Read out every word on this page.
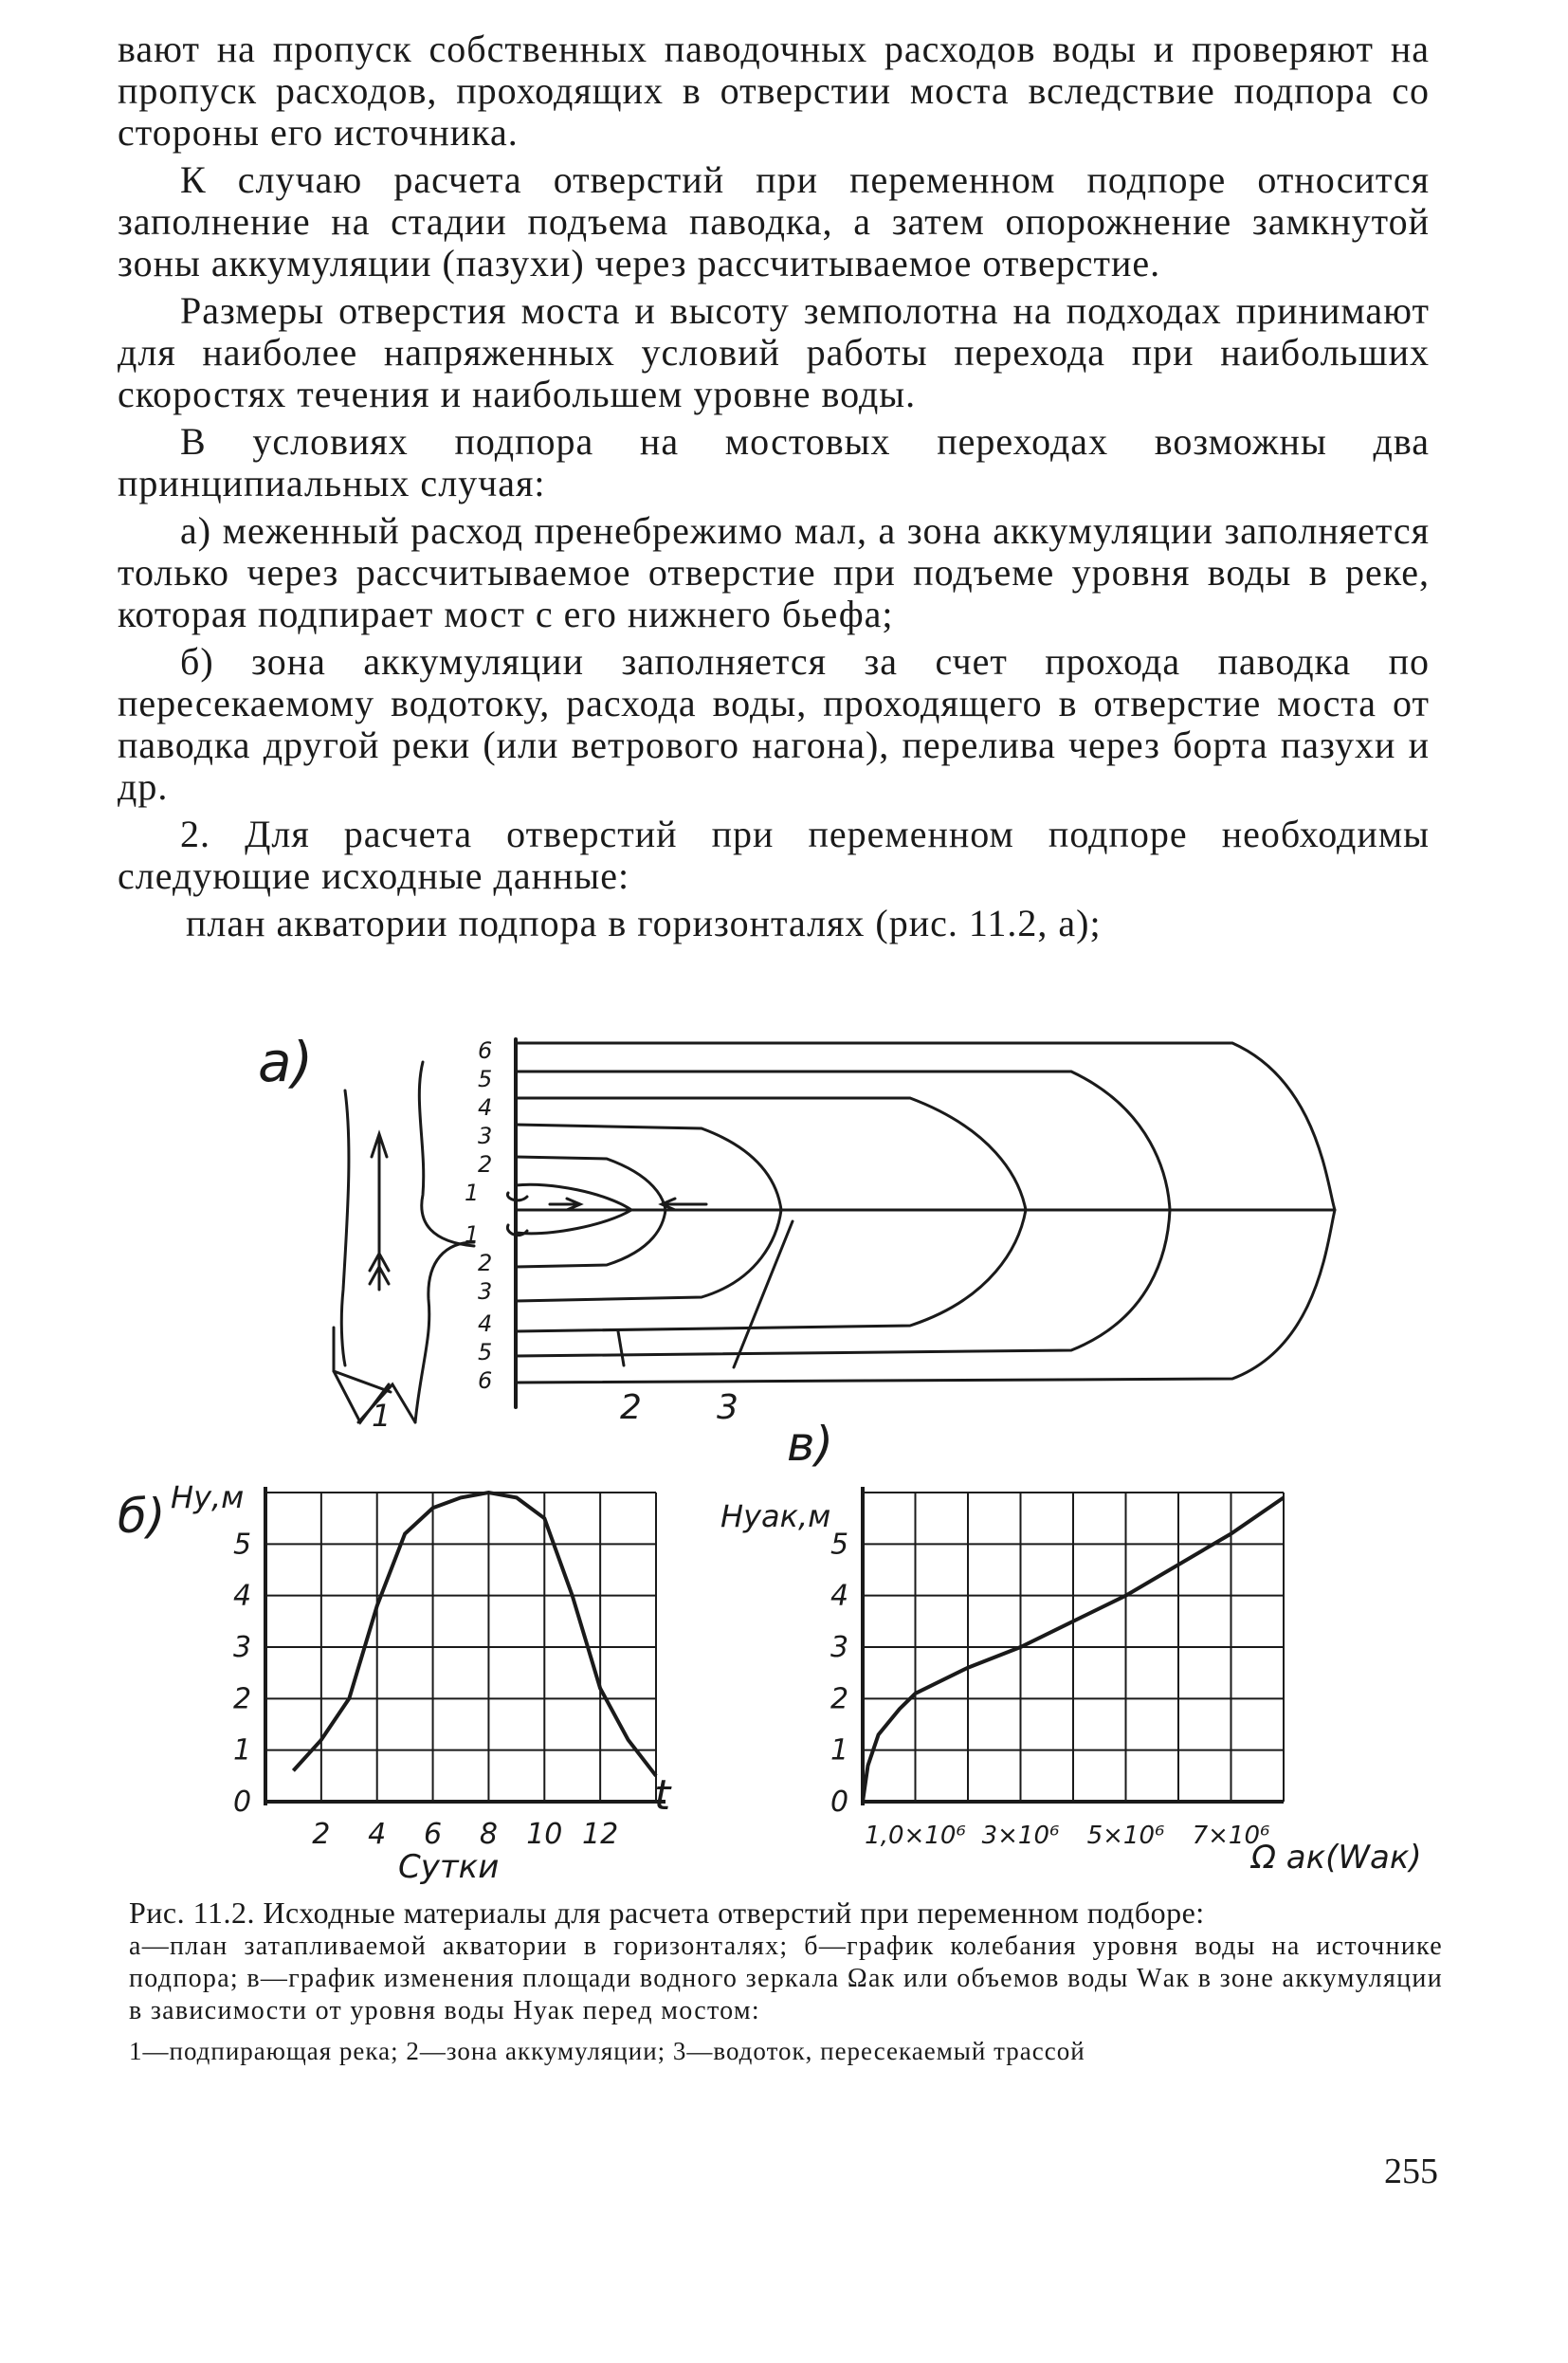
вают на пропуск собственных паводочных расходов воды и проверяют на пропуск расходов, проходящих в отверстии моста вследствие подпора со стороны его источника.

К случаю расчета отверстий при переменном подпоре относится заполнение на стадии подъема паводка, а затем опорожнение замкнутой зоны аккумуляции (пазухи) через рассчитываемое отверстие.

Размеры отверстия моста и высоту земполотна на подходах принимают для наиболее напряженных условий работы перехода при наибольших скоростях течения и наибольшем уровне воды.

В условиях подпора на мостовых переходах возможны два принципиальных случая:

а) меженный расход пренебрежимо мал, а зона аккумуляции заполняется только через рассчитываемое отверстие при подъеме уровня воды в реке, которая подпирает мост с его нижнего бьефа;

б) зона аккумуляции заполняется за счет прохода паводка по пересекаемому водотоку, расхода воды, проходящего в отверстие моста от паводка другой реки (или ветрового нагона), перелива через борта пазухи и др.

2. Для расчета отверстий при переменном подпоре необходимы следующие исходные данные:

план акватории подпора в горизонталях (рис. 11.2, а);

а)	6
5
4
3
2
1
1
2
3
4
5
6
1	2 3
б) Hу,м
0
1
2
3
4
5
2 4 6 8 10 12
t
Сутки
в)
Hуак,м
0
1
2
3
4
5
1,0×10⁶ 3×10⁶ 5×10⁶ 7×10⁶
Ω ак(Wак)
Рис. 11.2. Исходные материалы для расчета отверстий при переменном подборе:
а—план затапливаемой акватории в горизонталях; б—график колебания уровня воды на источнике подпора; в—график изменения площади водного зеркала Ωак или объемов воды Wак в зоне аккумуляции в зависимости от уровня воды Hуак перед мостом:
1—подпирающая река; 2—зона аккумуляции; 3—водоток, пересекаемый трассой
255
